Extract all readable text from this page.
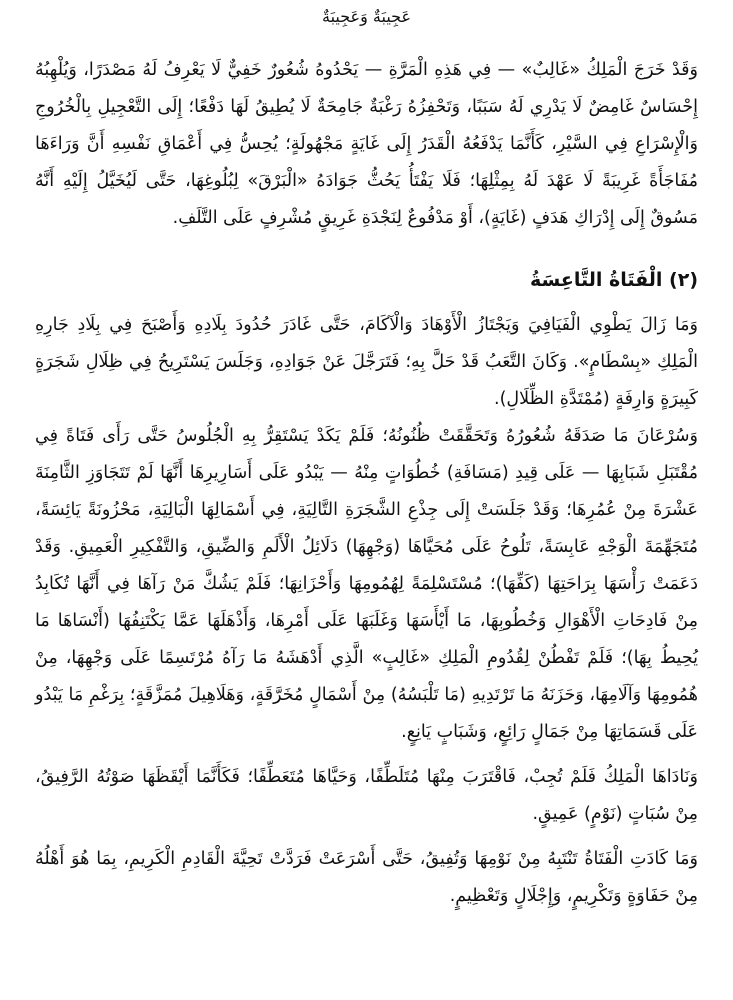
عَجِيبَةٌ وَعَجِيبَةٌ

وَقَدْ خَرَجَ الْمَلِكُ «غَالِبٌ» — فِي هَذِهِ الْمَرَّةِ — يَحْدُوهُ شُعُورٌ خَفِيٌّ لَا يَعْرِفُ لَهُ مَصْدَرًا، وَيُلْهِبُهُ إِحْسَاسٌ غَامِضٌ لَا يَدْرِي لَهُ سَبَبًا، وَتَحْفِزُهُ رَغْبَةٌ جَامِحَةٌ لَا يُطِيقُ لَهَا دَفْعًا؛ إِلَى التَّعْجِيلِ بِالْخُرُوجِ وَالْإِسْرَاعِ فِي السَّيْرِ، كَأَنَّمَا يَدْفَعُهُ الْقَدَرُ إِلَى غَايَةٍ مَجْهُولَةٍ؛ يُحِسُّ فِي أَعْمَاقِ نَفْسِهِ أَنَّ وَرَاءَهَا مُفَاجَأَةً غَرِيبَةً لَا عَهْدَ لَهُ بِمِثْلِهَا؛ فَلَا يَفْتَأُ يَحُثُّ جَوَادَهُ «الْبَرْقَ» لِبُلُوغِهَا، حَتَّى لَيُخَيَّلُ إِلَيْهِ أَنَّهُ مَسُوقٌ إِلَى إِدْرَاكِ هَدَفٍ (غَايَةٍ)، أَوْ مَدْفُوعٌ لِنَجْدَةِ غَرِيقٍ مُشْرِفٍ عَلَى التَّلَفِ.

(٢) الْفَتَاةُ التَّاعِسَةُ

وَمَا زَالَ يَطْوِي الْفَيَافِيَ وَيَجْتَازُ الْأَوْهَادَ وَالْآكَامَ، حَتَّى غَادَرَ حُدُودَ بِلَادِهِ وَأَصْبَحَ فِي بِلَادِ جَارِهِ الْمَلِكِ «بِسْطَامٍ». وَكَانَ التَّعَبُ قَدْ حَلَّ بِهِ؛ فَتَرَجَّلَ عَنْ جَوَادِهِ، وَجَلَسَ يَسْتَرِيحُ فِي ظِلَالِ شَجَرَةٍ كَبِيرَةٍ وَارِفَةٍ (مُمْتَدَّةِ الظِّلَالِ).

وَسُرْعَانَ مَا صَدَقَهُ شُعُورُهُ وَتَحَقَّقَتْ ظُنُونُهُ؛ فَلَمْ يَكَدْ يَسْتَقِرُّ بِهِ الْجُلُوسُ حَتَّى رَأَى فَتَاةً فِي مُقْتَبَلِ شَبَابِهَا — عَلَى قِيدِ (مَسَافَةِ) خُطُوَاتٍ مِنْهُ — يَبْدُو عَلَى أَسَارِيرِهَا أَنَّهَا لَمْ تَتَجَاوَزِ الثَّامِنَةَ عَشْرَةَ مِنْ عُمُرِهَا؛ وَقَدْ جَلَسَتْ إِلَى جِذْعِ الشَّجَرَةِ التَّالِيَةِ، فِي أَسْمَالِهَا الْبَالِيَةِ، مَحْزُونَةً يَائِسَةً، مُتَجَهِّمَةَ الْوَجْهِ عَابِسَةً، تَلُوحُ عَلَى مُحَيَّاهَا (وَجْهِهَا) دَلَائِلُ الْأَلَمِ وَالضِّيقِ، وَالتَّفْكِيرِ الْعَمِيقِ. وَقَدْ دَعَمَتْ رَأْسَهَا بِرَاحَتِهَا (كَفِّهَا)؛ مُسْتَسْلِمَةً لِهُمُومِهَا وَأَحْزَانِهَا؛ فَلَمْ يَشُكَّ مَنْ رَآهَا فِي أَنَّهَا تُكَابِدُ مِنْ فَادِحَاتِ الْأَهْوَالِ وَخُطُوبِهَا، مَا أَيْأَسَهَا وَغَلَبَهَا عَلَى أَمْرِهَا، وَأَذْهَلَهَا عَمَّا يَكْتَنِفُهَا (أَنْسَاهَا مَا يُحِيطُ بِهَا)؛ فَلَمْ تَفْطُنْ لِقُدُومِ الْمَلِكِ «غَالِبٍ» الَّذِي أَدْهَشَهُ مَا رَآهُ مُرْتَسِمًا عَلَى وَجْهِهَا، مِنْ هُمُومِهَا وَآلَامِهَا، وَحَزَنَهُ مَا تَرْتَدِيهِ (مَا تَلْبَسُهُ) مِنْ أَسْمَالٍ مُخَرَّقَةٍ، وَهَلَاهِيلَ مُمَزَّقَةٍ؛ بِرَغْمِ مَا يَبْدُو عَلَى قَسَمَاتِهَا مِنْ جَمَالٍ رَائِعٍ، وَشَبَابٍ يَانِعٍ.

وَنَادَاهَا الْمَلِكُ فَلَمْ تُجِبْ، فَاقْتَرَبَ مِنْهَا مُتَلَطِّفًا، وَحَيَّاهَا مُتَعَطِّفًا؛ فَكَأَنَّمَا أَيْقَظَهَا صَوْتُهُ الرَّفِيقُ، مِنْ سُبَاتٍ (نَوْمٍ) عَمِيقٍ.

وَمَا كَادَتِ الْفَتَاةُ تَنْتَبِهُ مِنْ نَوْمِهَا وَتُفِيقُ، حَتَّى أَسْرَعَتْ فَرَدَّتْ تَحِيَّةَ الْقَادِمِ الْكَرِيمِ، بِمَا هُوَ أَهْلُهُ مِنْ حَفَاوَةٍ وَتَكْرِيمٍ، وَإِجْلَالٍ وَتَعْظِيمٍ.
